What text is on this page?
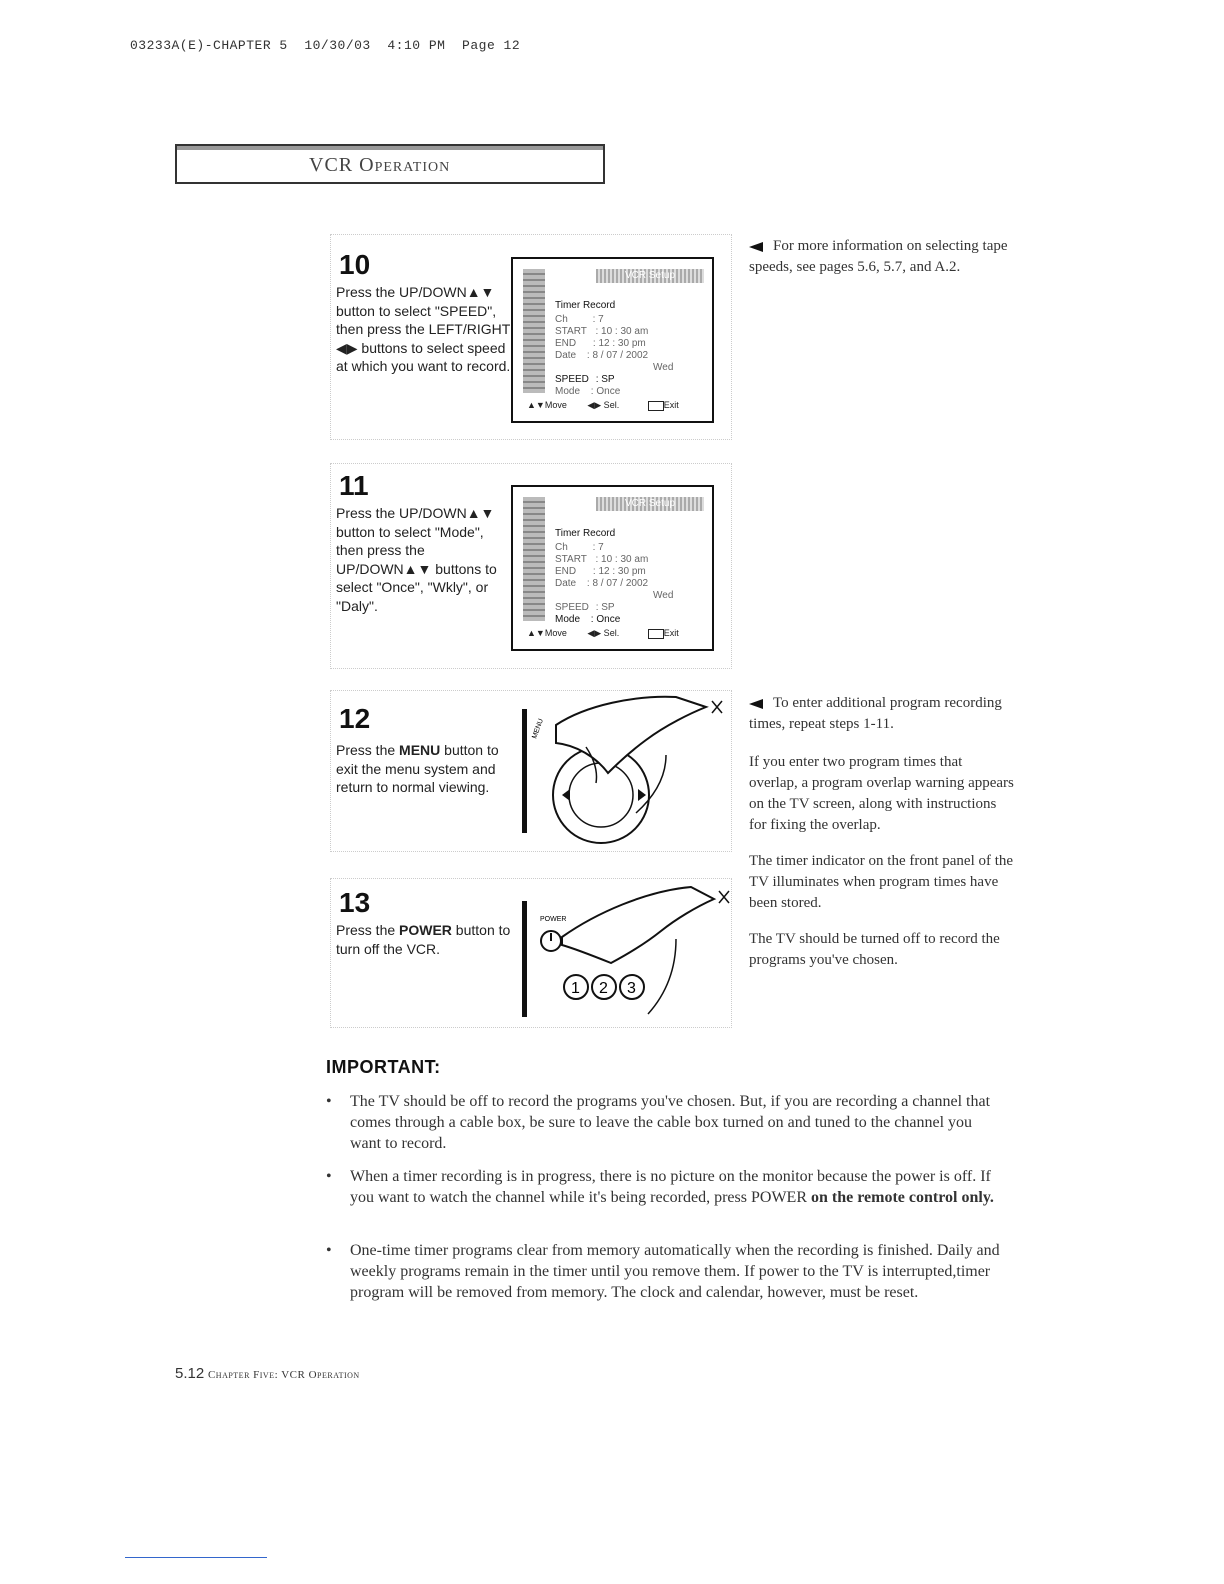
03233A(E)-CHAPTER 5  10/30/03  4:10 PM  Page 12
VCR Operation
10
Press the UP/DOWN▲▼ button to select "SPEED", then press the LEFT/RIGHT ◀▶ buttons to select speed at which you want to record.
VCR Setup
Timer Record
Ch : 7
START : 10 : 30 am
END : 12 : 30 pm
Date : 8 / 07 / 2002
Wed
SPEED : SP
Mode : Once
▲▼Move ◀▶ Sel.	Exit
11
Press the UP/DOWN▲▼ button to select "Mode", then press the UP/DOWN▲▼ buttons to select "Once", "Wkly", or "Daly".
VCR Setup
Timer Record
Ch : 7
START : 10 : 30 am
END : 12 : 30 pm
Date : 8 / 07 / 2002
Wed
SPEED : SP
Mode : Once
▲▼Move ◀▶ Sel.	Exit
12
Press the MENU button to exit the menu system and return to normal viewing.
MENU
13
Press the POWER button to turn off the VCR.
POWER
1 2 3
For more information on selecting tape speeds, see pages 5.6, 5.7, and A.2.
To enter additional program recording times, repeat steps 1-11.
If you enter two program times that overlap, a program overlap warning appears on the TV screen, along with instructions for fixing the overlap.
The timer indicator on the front panel of the TV illuminates when program times have been stored.
The TV should be turned off to record the programs you've chosen.
IMPORTANT:
• The TV should be off to record the programs you've chosen. But, if you are recording a channel that comes through a cable box, be sure to leave the cable box turned on and tuned to the channel you want to record.
• When a timer recording is in progress, there is no picture on the monitor because the power is off. If you want to watch the channel while it's being recorded, press POWER on the remote control only.
• One-time timer programs clear from memory automatically when the recording is finished. Daily and weekly programs remain in the timer until you remove them. If power to the TV is interrupted,timer program will be removed from memory. The clock and calendar, however, must be reset.
5.12 Chapter Five: VCR Operation
